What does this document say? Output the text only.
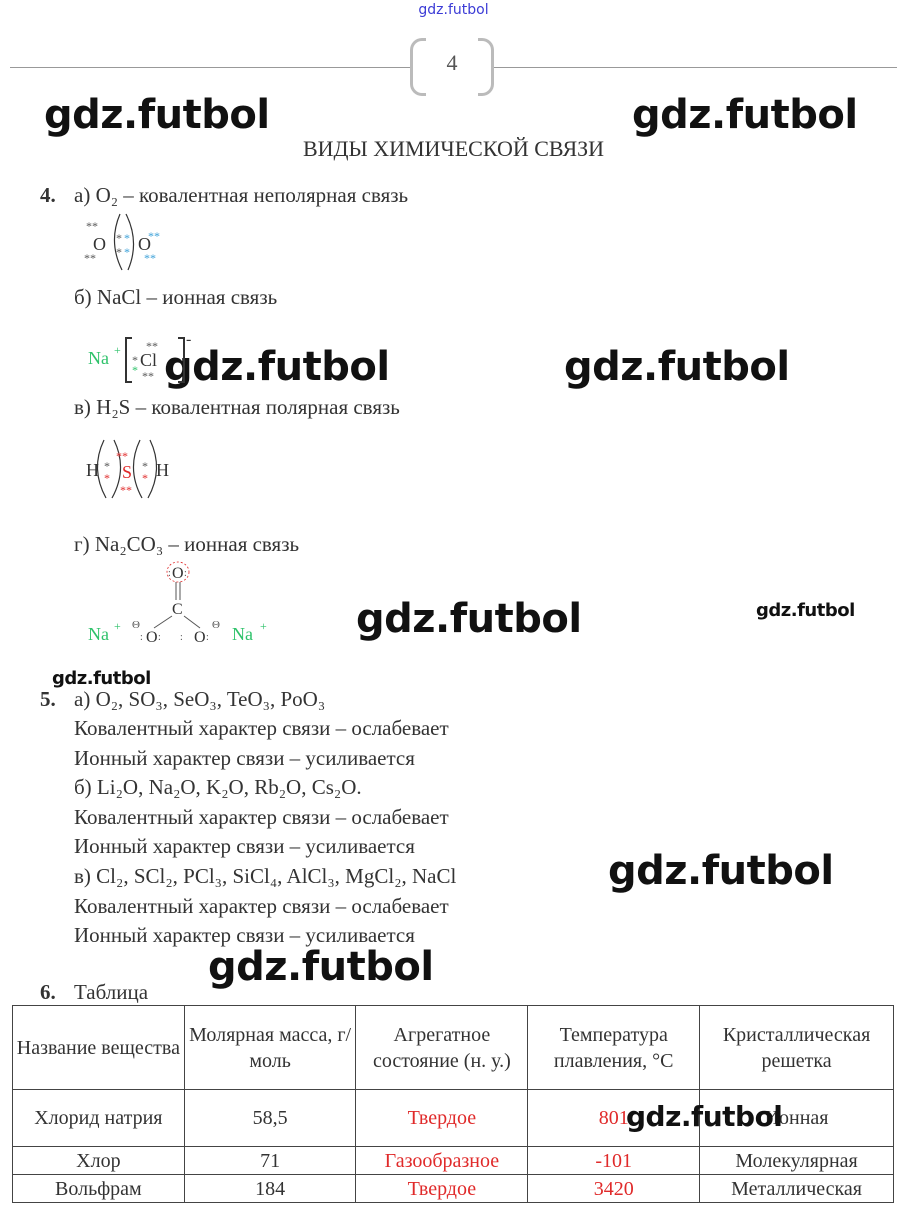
gdz.futbol
4
ВИДЫ ХИМИЧЕСКОЙ СВЯЗИ
gdz.futbol	gdz.futbol
gdz.futbol	gdz.futbol
gdz.futbol	gdz.futbol
gdz.futbol
gdz.futbol
gdz.futbol
4. а) O₂ – ковалентная неполярная связь
**
**
O *
*
*
* O
**
**
б) NaCl – ионная связь
Na + **
*
* Cl
**
-
в) H₂S – ковалентная полярная связь
H *
*
**
S
**
*
* H
г) Na₂CO₃ – ионная связь
: O :
C
Na + Θ
: O : : O :
Θ Na +
5. а) O₂, SO₃, SeO₃, TeO₃, PoO₃
Ковалентный характер связи – ослабевает
Ионный характер связи – усиливается
б) Li₂O, Na₂O, K₂O, Rb₂O, Cs₂O.
Ковалентный характер связи – ослабевает
Ионный характер связи – усиливается
в) Cl₂, SCl₂, PCl₃, SiCl₄, AlCl₃, MgCl₂, NaCl
Ковалентный характер связи – ослабевает
Ионный характер связи – усиливается
6. Таблица
Название вещества	Молярная масса, г/моль	Агрегатное состояние (н. у.)	Температура плавления, °С	Кристаллическая решетка
Хлорид натрия	58,5	Твердое	801	Ионная
Хлор	71	Газообразное	-101	Молекулярная
Вольфрам	184	Твердое	3420	Металлическая
gdz.futbol
